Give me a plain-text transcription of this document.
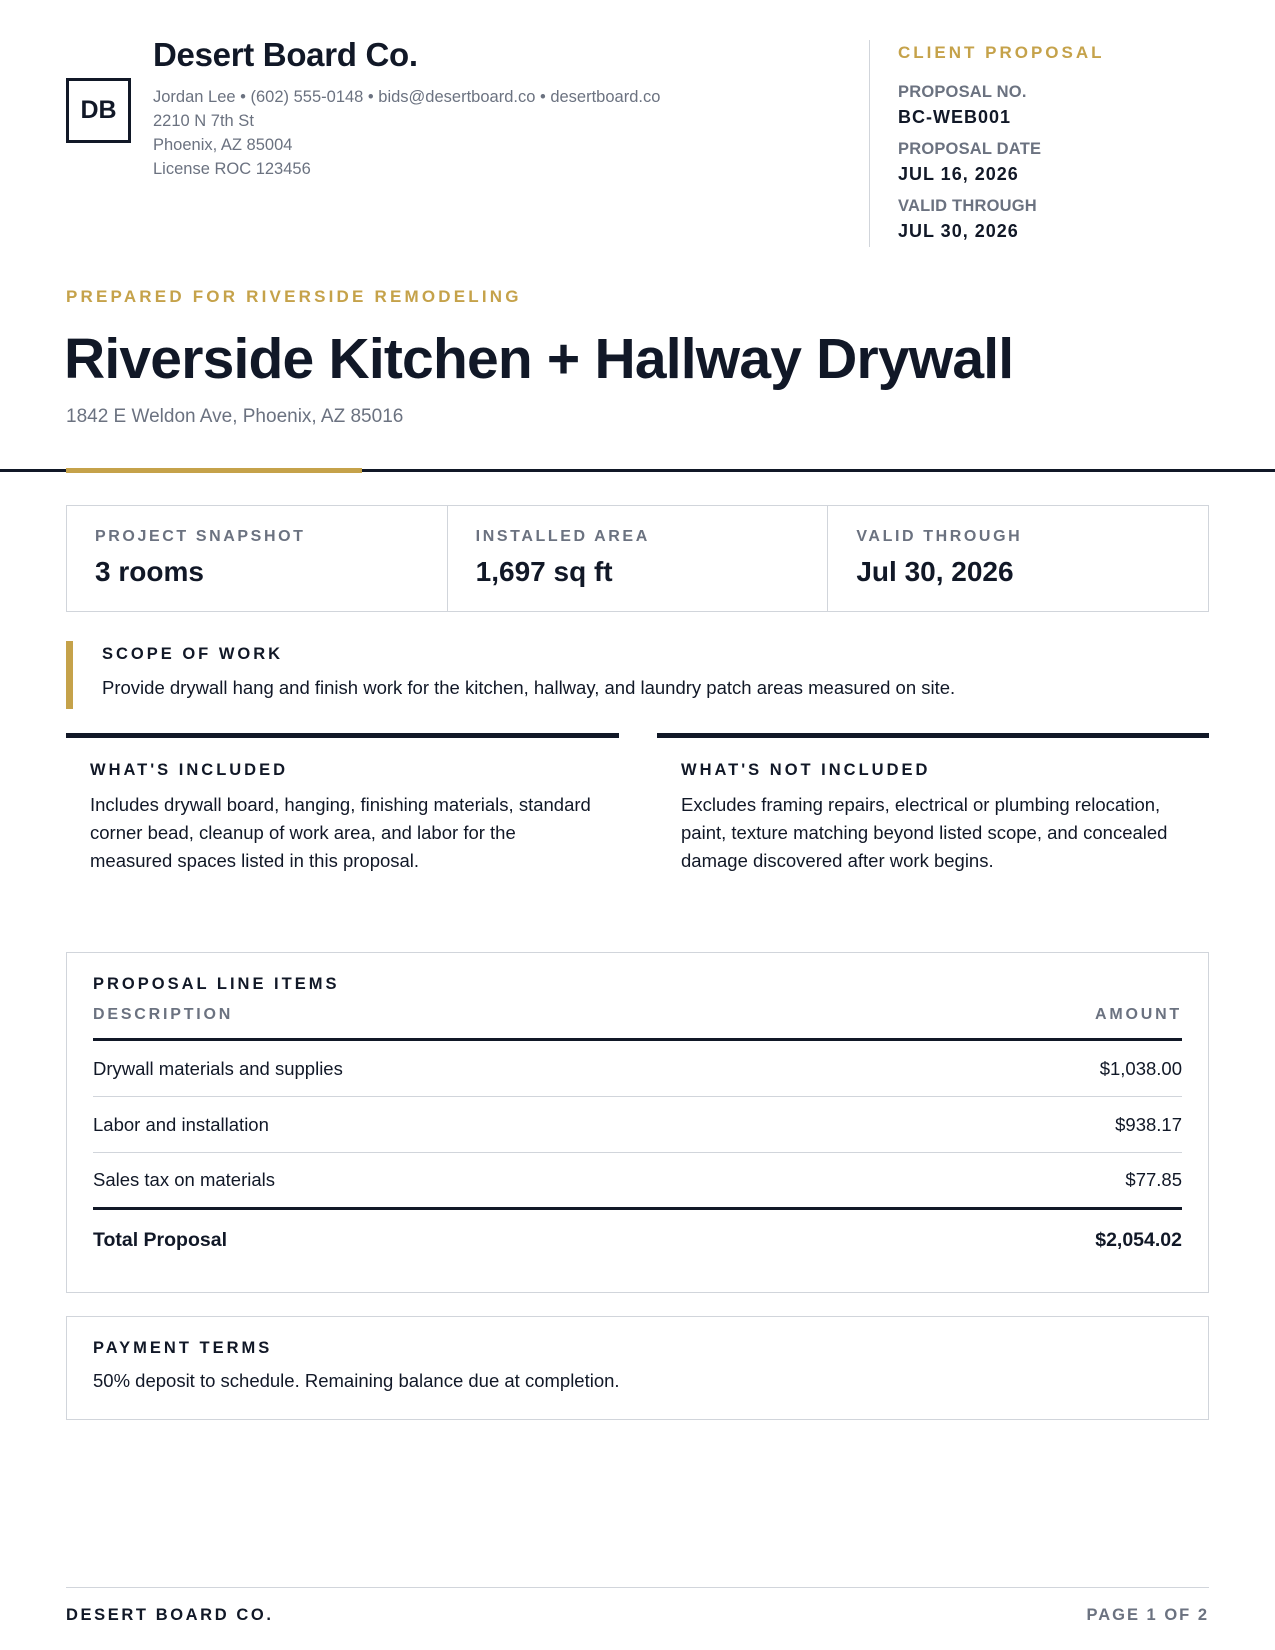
DB
Desert Board Co.
Jordan Lee • (602) 555-0148 • bids@desertboard.co • desertboard.co
2210 N 7th St
Phoenix, AZ 85004
License ROC 123456
CLIENT PROPOSAL
PROPOSAL NO.
BC-WEB001
PROPOSAL DATE
JUL 16, 2026
VALID THROUGH
JUL 30, 2026
PREPARED FOR RIVERSIDE REMODELING
Riverside Kitchen + Hallway Drywall
1842 E Weldon Ave, Phoenix, AZ 85016
PROJECT SNAPSHOT
3 rooms
INSTALLED AREA
1,697 sq ft
VALID THROUGH
Jul 30, 2026
SCOPE OF WORK
Provide drywall hang and finish work for the kitchen, hallway, and laundry patch areas measured on site.
WHAT'S INCLUDED
Includes drywall board, hanging, finishing materials, standard corner bead, cleanup of work area, and labor for the measured spaces listed in this proposal.
WHAT'S NOT INCLUDED
Excludes framing repairs, electrical or plumbing relocation, paint, texture matching beyond listed scope, and concealed damage discovered after work begins.
PROPOSAL LINE ITEMS
DESCRIPTION	AMOUNT
Drywall materials and supplies	$1,038.00
Labor and installation	$938.17
Sales tax on materials	$77.85
Total Proposal	$2,054.02
PAYMENT TERMS
50% deposit to schedule. Remaining balance due at completion.
DESERT BOARD CO.	PAGE 1 OF 2
